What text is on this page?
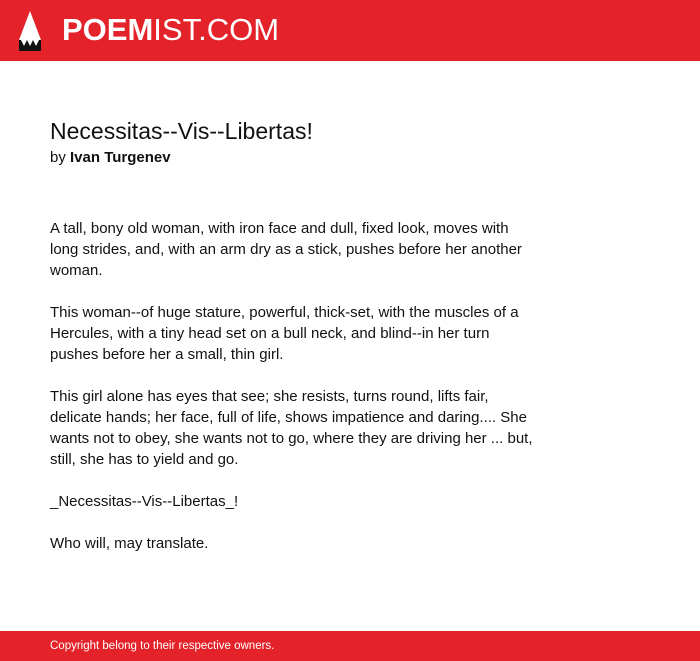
POEMIST.COM
Necessitas--Vis--Libertas!

by Ivan Turgenev

A tall, bony old woman, with iron face and dull, fixed look, moves with
long strides, and, with an arm dry as a stick, pushes before her another
woman.

This woman--of huge stature, powerful, thick-set, with the muscles of a
Hercules, with a tiny head set on a bull neck, and blind--in her turn
pushes before her a small, thin girl.

This girl alone has eyes that see; she resists, turns round, lifts fair,
delicate hands; her face, full of life, shows impatience and daring.... She
wants not to obey, she wants not to go, where they are driving her ... but,
still, she has to yield and go.

_Necessitas--Vis--Libertas_!

Who will, may translate.

Copyright belong to their respective owners.
